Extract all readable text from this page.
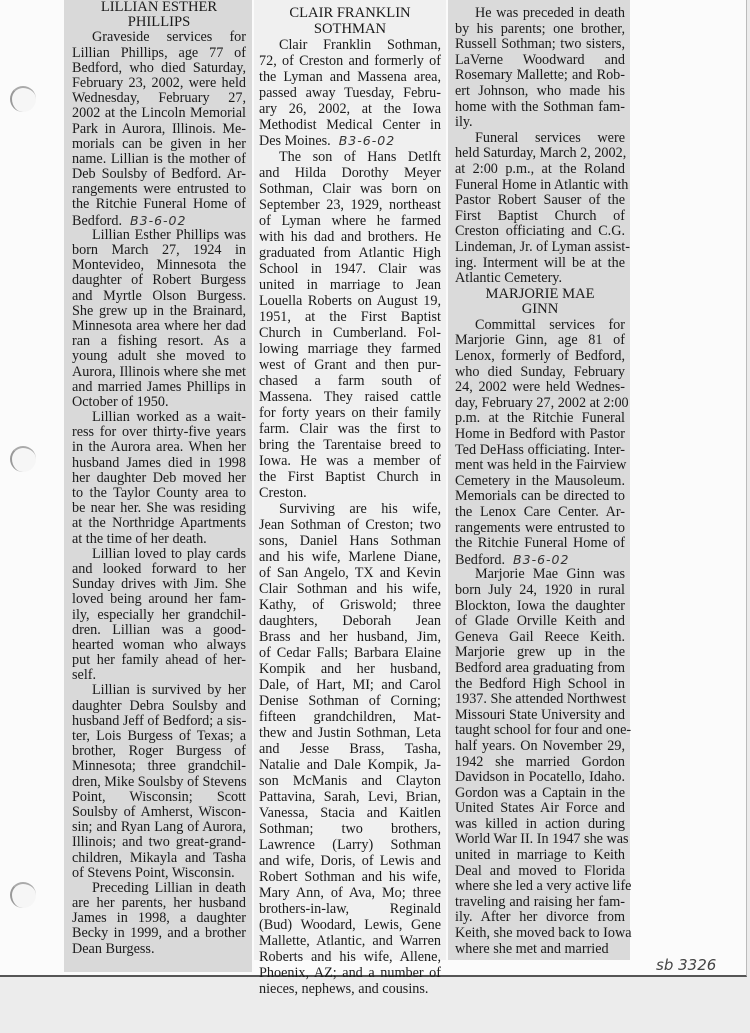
LILLIAN ESTHER
PHILLIPS
Graveside services for
Lillian Phillips, age 77 of
Bedford, who died Saturday,
February 23, 2002, were held
Wednesday, February 27,
2002 at the Lincoln Memorial
Park in Aurora, Illinois. Me-
morials can be given in her
name. Lillian is the mother of
Deb Soulsby of Bedford. Ar-
rangements were entrusted to
the Ritchie Funeral Home of
Bedford. B3-6-02
Lillian Esther Phillips was
born March 27, 1924 in
Montevideo, Minnesota the
daughter of Robert Burgess
and Myrtle Olson Burgess.
She grew up in the Brainard,
Minnesota area where her dad
ran a fishing resort. As a
young adult she moved to
Aurora, Illinois where she met
and married James Phillips in
October of 1950.
Lillian worked as a wait-
ress for over thirty-five years
in the Aurora area. When her
husband James died in 1998
her daughter Deb moved her
to the Taylor County area to
be near her. She was residing
at the Northridge Apartments
at the time of her death.
Lillian loved to play cards
and looked forward to her
Sunday drives with Jim. She
loved being around her fam-
ily, especially her grandchil-
dren. Lillian was a good-
hearted woman who always
put her family ahead of her-
self.
Lillian is survived by her
daughter Debra Soulsby and
husband Jeff of Bedford; a sis-
ter, Lois Burgess of Texas; a
brother, Roger Burgess of
Minnesota; three grandchil-
dren, Mike Soulsby of Stevens
Point, Wisconsin; Scott
Soulsby of Amherst, Wiscon-
sin; and Ryan Lang of Aurora,
Illinois; and two great-grand-
children, Mikayla and Tasha
of Stevens Point, Wisconsin.
Preceding Lillian in death
are her parents, her husband
James in 1998, a daughter
Becky in 1999, and a brother
Dean Burgess.
CLAIR FRANKLIN
SOTHMAN
Clair Franklin Sothman,
72, of Creston and formerly of
the Lyman and Massena area,
passed away Tuesday, Febru-
ary 26, 2002, at the Iowa
Methodist Medical Center in
Des Moines. B3-6-02
The son of Hans Detlft
and Hilda Dorothy Meyer
Sothman, Clair was born on
September 23, 1929, northeast
of Lyman where he farmed
with his dad and brothers. He
graduated from Atlantic High
School in 1947. Clair was
united in marriage to Jean
Louella Roberts on August 19,
1951, at the First Baptist
Church in Cumberland. Fol-
lowing marriage they farmed
west of Grant and then pur-
chased a farm south of
Massena. They raised cattle
for forty years on their family
farm. Clair was the first to
bring the Tarentaise breed to
Iowa. He was a member of
the First Baptist Church in
Creston.
Surviving are his wife,
Jean Sothman of Creston; two
sons, Daniel Hans Sothman
and his wife, Marlene Diane,
of San Angelo, TX and Kevin
Clair Sothman and his wife,
Kathy, of Griswold; three
daughters, Deborah Jean
Brass and her husband, Jim,
of Cedar Falls; Barbara Elaine
Kompik and her husband,
Dale, of Hart, MI; and Carol
Denise Sothman of Corning;
fifteen grandchildren, Mat-
thew and Justin Sothman, Leta
and Jesse Brass, Tasha,
Natalie and Dale Kompik, Ja-
son McManis and Clayton
Pattavina, Sarah, Levi, Brian,
Vanessa, Stacia and Kaitlen
Sothman; two brothers,
Lawrence (Larry) Sothman
and wife, Doris, of Lewis and
Robert Sothman and his wife,
Mary Ann, of Ava, Mo; three
brothers-in-law, Reginald
(Bud) Woodard, Lewis, Gene
Mallette, Atlantic, and Warren
Roberts and his wife, Allene,
Phoenix, AZ; and a number of
nieces, nephews, and cousins.
He was preceded in death
by his parents; one brother,
Russell Sothman; two sisters,
LaVerne Woodward and
Rosemary Mallette; and Rob-
ert Johnson, who made his
home with the Sothman fam-
ily.
Funeral services were
held Saturday, March 2, 2002,
at 2:00 p.m., at the Roland
Funeral Home in Atlantic with
Pastor Robert Sauser of the
First Baptist Church of
Creston officiating and C.G.
Lindeman, Jr. of Lyman assist-
ing. Interment will be at the
Atlantic Cemetery.
MARJORIE MAE
GINN
Committal services for
Marjorie Ginn, age 81 of
Lenox, formerly of Bedford,
who died Sunday, February
24, 2002 were held Wednes-
day, February 27, 2002 at 2:00
p.m. at the Ritchie Funeral
Home in Bedford with Pastor
Ted DeHass officiating. Inter-
ment was held in the Fairview
Cemetery in the Mausoleum.
Memorials can be directed to
the Lenox Care Center. Ar-
rangements were entrusted to
the Ritchie Funeral Home of
Bedford. B3-6-02
Marjorie Mae Ginn was
born July 24, 1920 in rural
Blockton, Iowa the daughter
of Glade Orville Keith and
Geneva Gail Reece Keith.
Marjorie grew up in the
Bedford area graduating from
the Bedford High School in
1937. She attended Northwest
Missouri State University and
taught school for four and one-
half years. On November 29,
1942 she married Gordon
Davidson in Pocatello, Idaho.
Gordon was a Captain in the
United States Air Force and
was killed in action during
World War II. In 1947 she was
united in marriage to Keith
Deal and moved to Florida
where she led a very active life
traveling and raising her fam-
ily. After her divorce from
Keith, she moved back to Iowa
where she met and married
sb 3326
